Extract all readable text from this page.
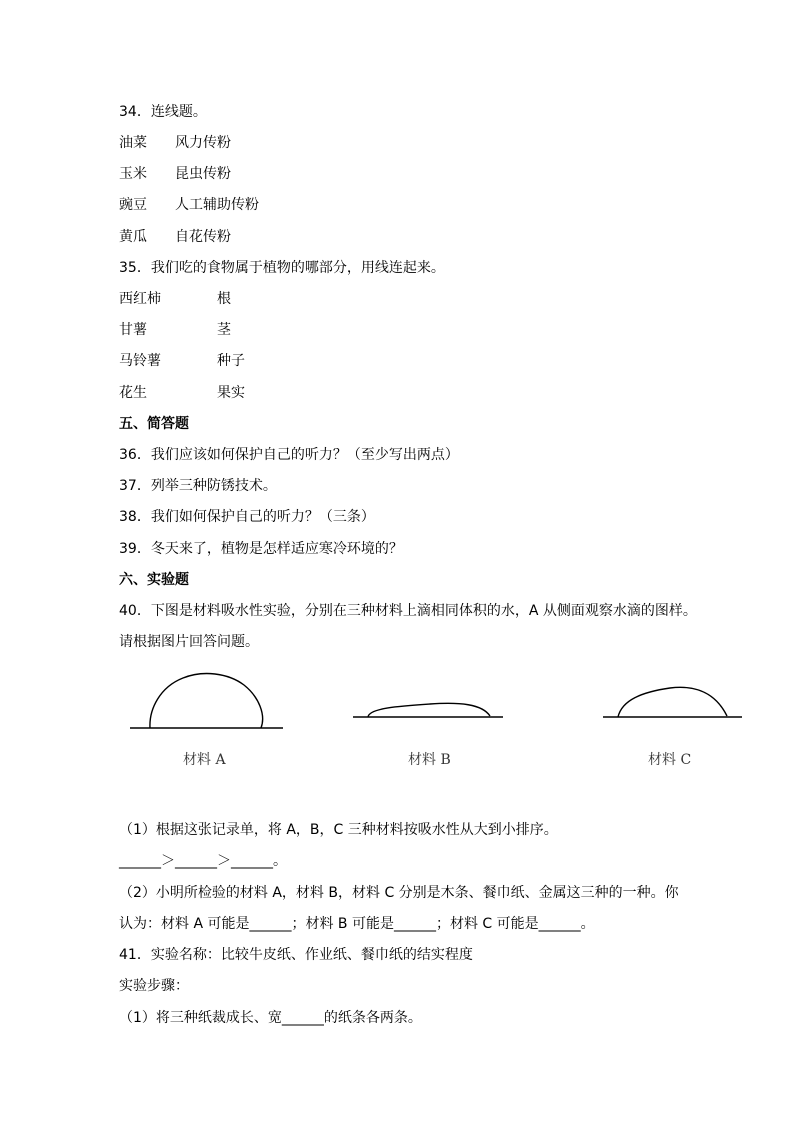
34．连线题。
油菜 风力传粉
玉米 昆虫传粉
豌豆 人工辅助传粉
黄瓜 自花传粉
35．我们吃的食物属于植物的哪部分，用线连起来。
西红柿	根
甘薯	茎
马铃薯	种子
花生	果实
五、简答题
36．我们应该如何保护自己的听力？（至少写出两点）
37．列举三种防锈技术。
38．我们如何保护自己的听力？（三条）
39．冬天来了，植物是怎样适应寒冷环境的？
六、实验题
40．下图是材料吸水性实验，分别在三种材料上滴相同体积的水，A 从侧面观察水滴的图样。
请根据图片回答问题。
材料 A	材料 B	材料 C
（1）根据这张记录单，将 A，B，C 三种材料按吸水性从大到小排序。
______＞______＞______。
（2）小明所检验的材料 A，材料 B，材料 C 分别是木条、餐巾纸、金属这三种的一种。你
认为：材料 A 可能是______；材料 B 可能是______；材料 C 可能是______。
41．实验名称：比较牛皮纸、作业纸、餐巾纸的结实程度
实验步骤：
（1）将三种纸裁成长、宽______的纸条各两条。
